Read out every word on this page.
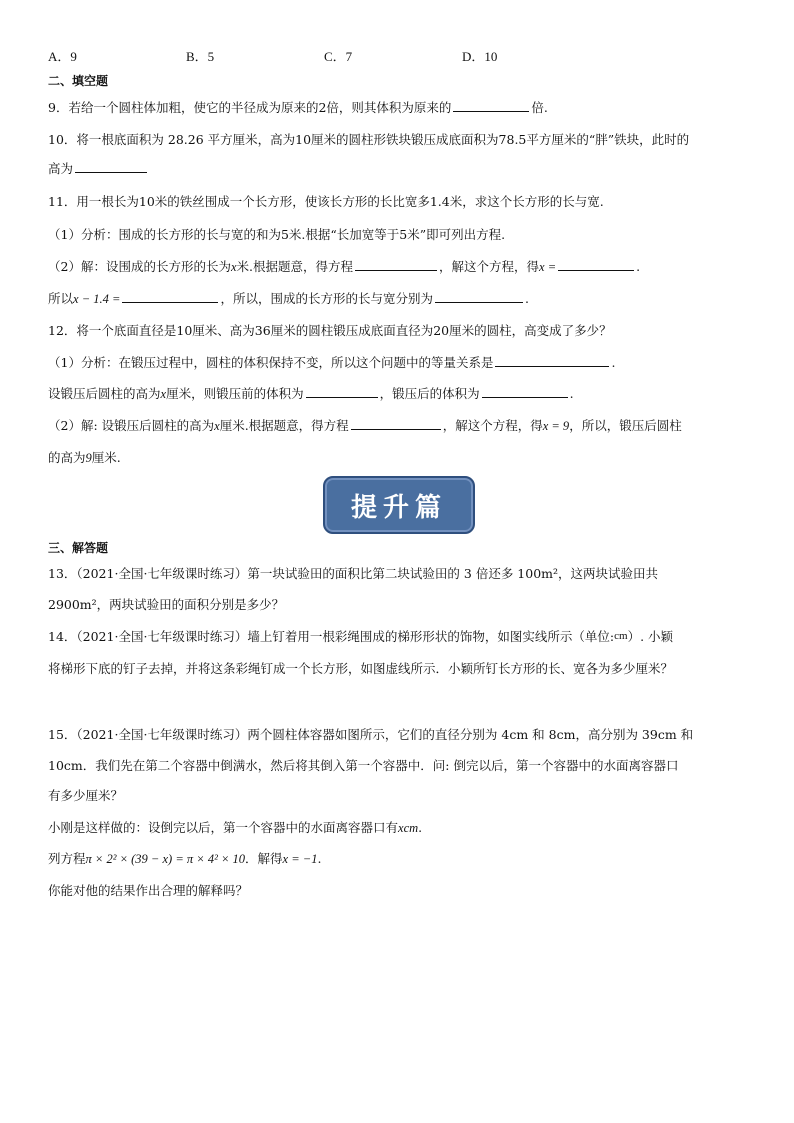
A．9	B．5	C．7	D．10
二、填空题
9．若给一个圆柱体加粗，使它的半径成为原来的2倍，则其体积为原来的	倍.
10．将一根底面积为 28.26 平方厘米，高为10厘米的圆柱形铁块锻压成底面积为78.5平方厘米的“胖”铁块，此时的
高为
11．用一根长为10米的铁丝围成一个长方形，使该长方形的长比宽多1.4米，求这个长方形的长与宽.
（1）分析：围成的长方形的长与宽的和为5米.根据“长加宽等于5米”即可列出方程.
（2）解：设围成的长方形的长为x米.根据题意，得方程	，解这个方程，得x =	.
所以x − 1.4 =	，所以，围成的长方形的长与宽分别为	.
12．将一个底面直径是10厘米、高为36厘米的圆柱锻压成底面直径为20厘米的圆柱，高变成了多少？
（1）分析：在锻压过程中，圆柱的体积保持不变，所以这个问题中的等量关系是	.
设锻压后圆柱的高为x厘米，则锻压前的体积为	，锻压后的体积为	.
（2）解: 设锻压后圆柱的高为x厘米.根据题意，得方程	，解这个方程，得x = 9，所以，锻压后圆柱
的高为9厘米.
提升篇
三、解答题
13．（2021·全国·七年级课时练习）第一块试验田的面积比第二块试验田的 3 倍还多 100m²，这两块试验田共
2900m²，两块试验田的面积分别是多少？
14．（2021·全国·七年级课时练习）墙上钉着用一根彩绳围成的梯形形状的饰物，如图实线所示（单位:cm）. 小颖
将梯形下底的钉子去掉，并将这条彩绳钉成一个长方形，如图虚线所示．小颖所钉长方形的长、宽各为多少厘米？
15．（2021·全国·七年级课时练习）两个圆柱体容器如图所示，它们的直径分别为 4cm 和 8cm，高分别为 39cm 和
10cm．我们先在第二个容器中倒满水，然后将其倒入第一个容器中．问: 倒完以后，第一个容器中的水面离容器口
有多少厘米？
小刚是这样做的：设倒完以后，第一个容器中的水面离容器口有xcm.
列方程π × 2² × (39 − x) = π × 4² × 10．解得x = −1.
你能对他的结果作出合理的解释吗？
